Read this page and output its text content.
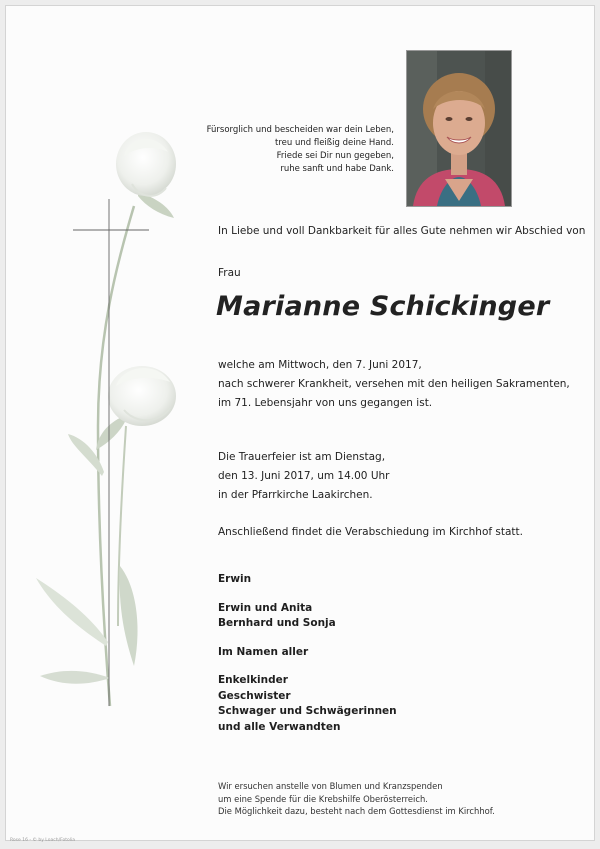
Fürsorglich und bescheiden war dein Leben,
treu und fleißig deine Hand.
Friede sei Dir nun gegeben,
ruhe sanft und habe Dank.
In Liebe und voll Dankbarkeit für alles Gute nehmen wir Abschied von
Frau
Marianne Schickinger
welche am Mittwoch, den 7. Juni 2017,
nach schwerer Krankheit, versehen mit den heiligen Sakramenten,
im 71. Lebensjahr von uns gegangen ist.
Die Trauerfeier ist am Dienstag,
den 13. Juni 2017, um 14.00 Uhr
in der Pfarrkirche Laakirchen.
Anschließend findet die Verabschiedung im Kirchhof statt.
Erwin
Erwin und Anita
Bernhard und Sonja
Im Namen aller
Enkelkinder
Geschwister
Schwager und Schwägerinnen
und alle Verwandten
Wir ersuchen anstelle von Blumen und Kranzspenden
um eine Spende für die Krebshilfe Oberösterreich.
Die Möglichkeit dazu, besteht nach dem Gottesdienst im Kirchhof.
Rose 16 - © by Loach/Fotolia
